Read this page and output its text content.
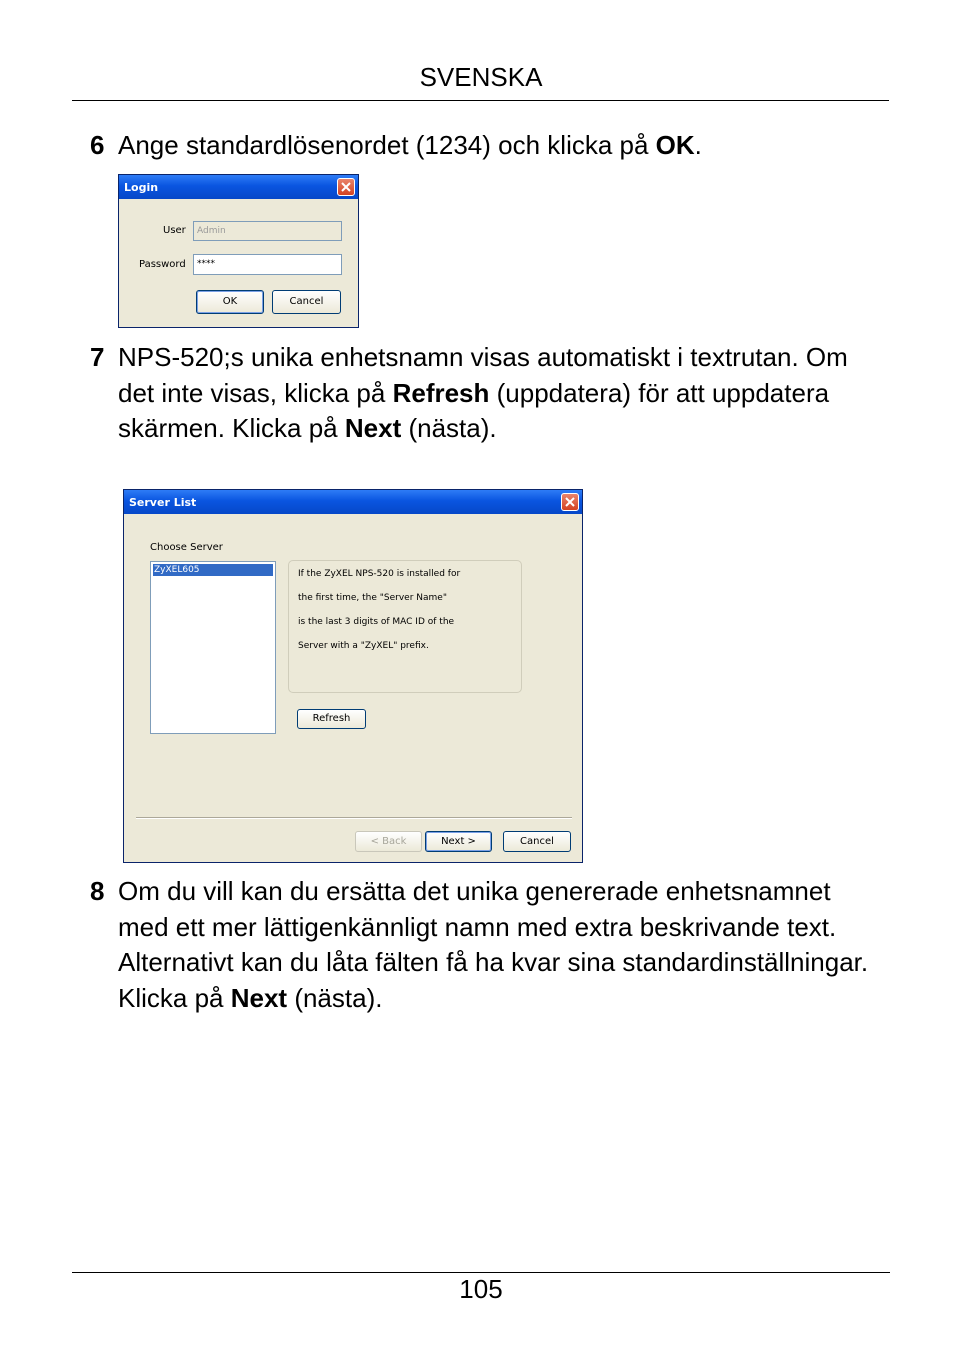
SVENSKA
6 Ange standardlösenordet (1234) och klicka på OK.
Login
User	Admin
Password	****
OK	Cancel
7 NPS-520;s unika enhetsnamn visas automatiskt i textrutan. Om det inte visas, klicka på Refresh (uppdatera) för att uppdatera skärmen. Klicka på Next (nästa).
Server List
Choose Server
ZyXEL605	If the ZyXEL NPS-520 is installed for
the first time, the "Server Name"
is the last 3 digits of MAC ID of the
Server with a "ZyXEL" prefix.
Refresh
< Back	Next >	Cancel
8 Om du vill kan du ersätta det unika genererade enhetsnamnet med ett mer lättigenkännligt namn med extra beskrivande text. Alternativt kan du låta fälten få ha kvar sina standardinställningar. Klicka på Next (nästa).
105
